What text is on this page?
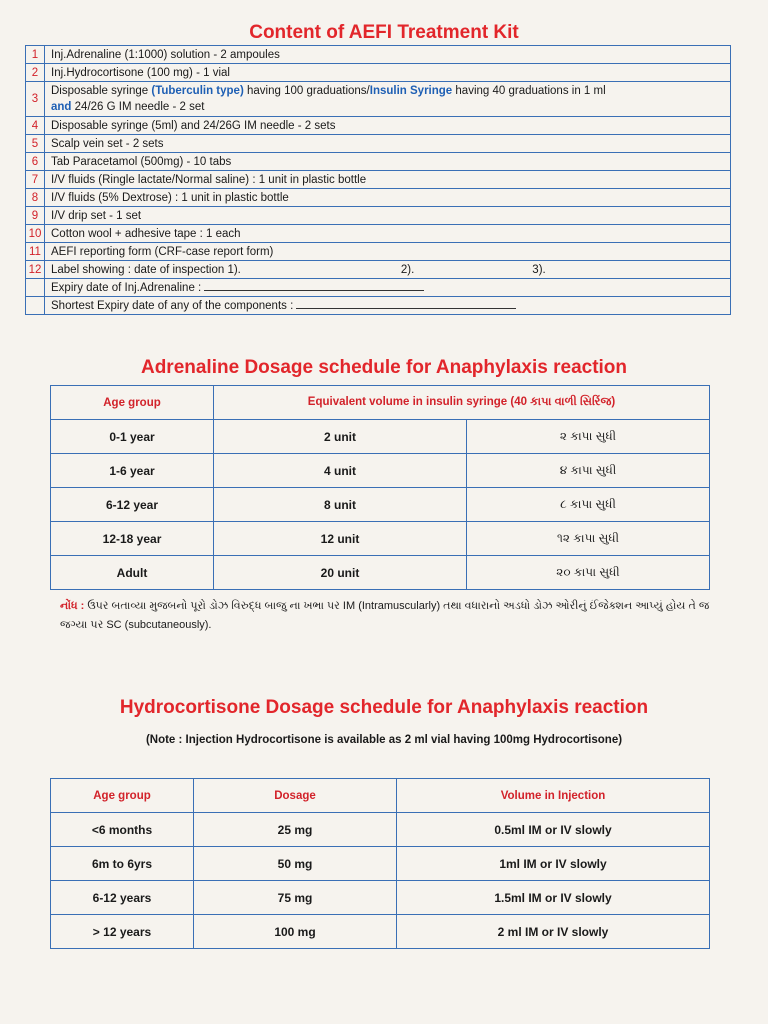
Content of AEFI Treatment Kit
1	Inj.Adrenaline (1:1000) solution - 2 ampoules
2	Inj.Hydrocortisone (100 mg) - 1 vial
3	Disposable syringe (Tuberculin type) having 100 graduations/Insulin Syringe having 40 graduations in 1 ml
and 24/26 G IM needle - 2 set
4	Disposable syringe (5ml) and 24/26G IM needle - 2 sets
5	Scalp vein set - 2 sets
6	Tab Paracetamol (500mg) - 10 tabs
7	I/V fluids (Ringle lactate/Normal saline) : 1 unit in plastic bottle
8	I/V fluids (5% Dextrose) : 1 unit in plastic bottle
9	I/V drip set - 1 set
10	Cotton wool + adhesive tape : 1 each
11	AEFI reporting form (CRF-case report form)
12	Label showing : date of inspection 1). 2). 3).
	Expiry date of Inj.Adrenaline :
	Shortest Expiry date of any of the components :
Adrenaline Dosage schedule for Anaphylaxis reaction
Age group	Equivalent volume in insulin syringe (40 કાપા વાળી સિરિંજ)	
0-1 year	2 unit	૨ કાપા સુધી
1-6 year	4 unit	૪ કાપા સુધી
6-12 year	8 unit	૮ કાપા સુધી
12-18 year	12 unit	૧૨ કાપા સુધી
Adult	20 unit	૨૦ કાપા સુધી
નોંધ : ઉપર બતાવ્યા મુજબનો પૂરો ડોઝ વિરુદ્ધ બાજુ ના ખભા પર IM (Intramuscularly) તથા વધારાનો અડધો ડોઝ ઓરીનું ઈંજેક્શન આપ્યું હોય તે જ જગ્યા પર SC (subcutaneously).
Hydrocortisone Dosage schedule for Anaphylaxis reaction
(Note : Injection Hydrocortisone is available as 2 ml vial having 100mg Hydrocortisone)
Age group	Dosage	Volume in Injection
<6 months	25 mg	0.5ml IM or IV slowly
6m to 6yrs	50 mg	1ml IM or IV slowly
6-12 years	75 mg	1.5ml IM or IV slowly
> 12 years	100 mg	2 ml IM or IV slowly
